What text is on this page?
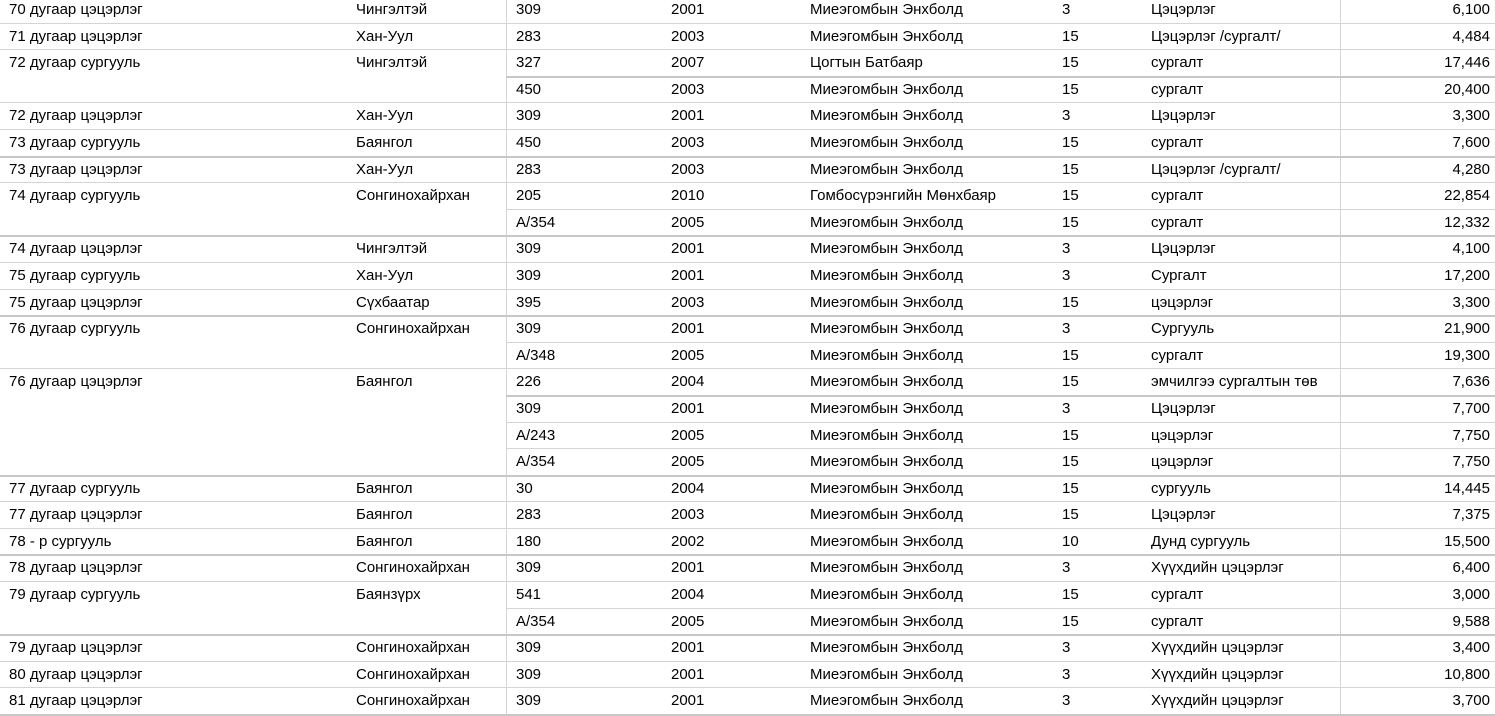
70 дугаар цэцэрлэг	Чингэлтэй	309	2001	Миеэгомбын Энхболд	3	Цэцэрлэг	6,100
71 дугаар цэцэрлэг	Хан-Уул	283	2003	Миеэгомбын Энхболд	15	Цэцэрлэг /сургалт/	4,484
72 дугаар сургууль	Чингэлтэй	327	2007	Цогтын Батбаяр	15	сургалт	17,446
450	2003	Миеэгомбын Энхболд	15	сургалт	20,400
72 дугаар цэцэрлэг	Хан-Уул	309	2001	Миеэгомбын Энхболд	3	Цэцэрлэг	3,300
73 дугаар сургууль	Баянгол	450	2003	Миеэгомбын Энхболд	15	сургалт	7,600
73 дугаар цэцэрлэг	Хан-Уул	283	2003	Миеэгомбын Энхболд	15	Цэцэрлэг /сургалт/	4,280
74 дугаар сургууль	Сонгинохайрхан	205	2010	Гомбосүрэнгийн Мөнхбаяр	15	сургалт	22,854
А/354	2005	Миеэгомбын Энхболд	15	сургалт	12,332
74 дугаар цэцэрлэг	Чингэлтэй	309	2001	Миеэгомбын Энхболд	3	Цэцэрлэг	4,100
75 дугаар сургууль	Хан-Уул	309	2001	Миеэгомбын Энхболд	3	Сургалт	17,200
75 дугаар цэцэрлэг	Сүхбаатар	395	2003	Миеэгомбын Энхболд	15	цэцэрлэг	3,300
76 дугаар сургууль	Сонгинохайрхан	309	2001	Миеэгомбын Энхболд	3	Сургууль	21,900
А/348	2005	Миеэгомбын Энхболд	15	сургалт	19,300
76 дугаар цэцэрлэг	Баянгол	226	2004	Миеэгомбын Энхболд	15	эмчилгээ сургалтын төв	7,636
309	2001	Миеэгомбын Энхболд	3	Цэцэрлэг	7,700
А/243	2005	Миеэгомбын Энхболд	15	цэцэрлэг	7,750
А/354	2005	Миеэгомбын Энхболд	15	цэцэрлэг	7,750
77 дугаар сургууль	Баянгол	30	2004	Миеэгомбын Энхболд	15	сургууль	14,445
77 дугаар цэцэрлэг	Баянгол	283	2003	Миеэгомбын Энхболд	15	Цэцэрлэг	7,375
78 - р сургууль	Баянгол	180	2002	Миеэгомбын Энхболд	10	Дунд сургууль	15,500
78 дугаар цэцэрлэг	Сонгинохайрхан	309	2001	Миеэгомбын Энхболд	3	Хүүхдийн цэцэрлэг	6,400
79 дугаар сургууль	Баянзүрх	541	2004	Миеэгомбын Энхболд	15	сургалт	3,000
А/354	2005	Миеэгомбын Энхболд	15	сургалт	9,588
79 дугаар цэцэрлэг	Сонгинохайрхан	309	2001	Миеэгомбын Энхболд	3	Хүүхдийн цэцэрлэг	3,400
80 дугаар цэцэрлэг	Сонгинохайрхан	309	2001	Миеэгомбын Энхболд	3	Хүүхдийн цэцэрлэг	10,800
81 дугаар цэцэрлэг	Сонгинохайрхан	309	2001	Миеэгомбын Энхболд	3	Хүүхдийн цэцэрлэг	3,700
